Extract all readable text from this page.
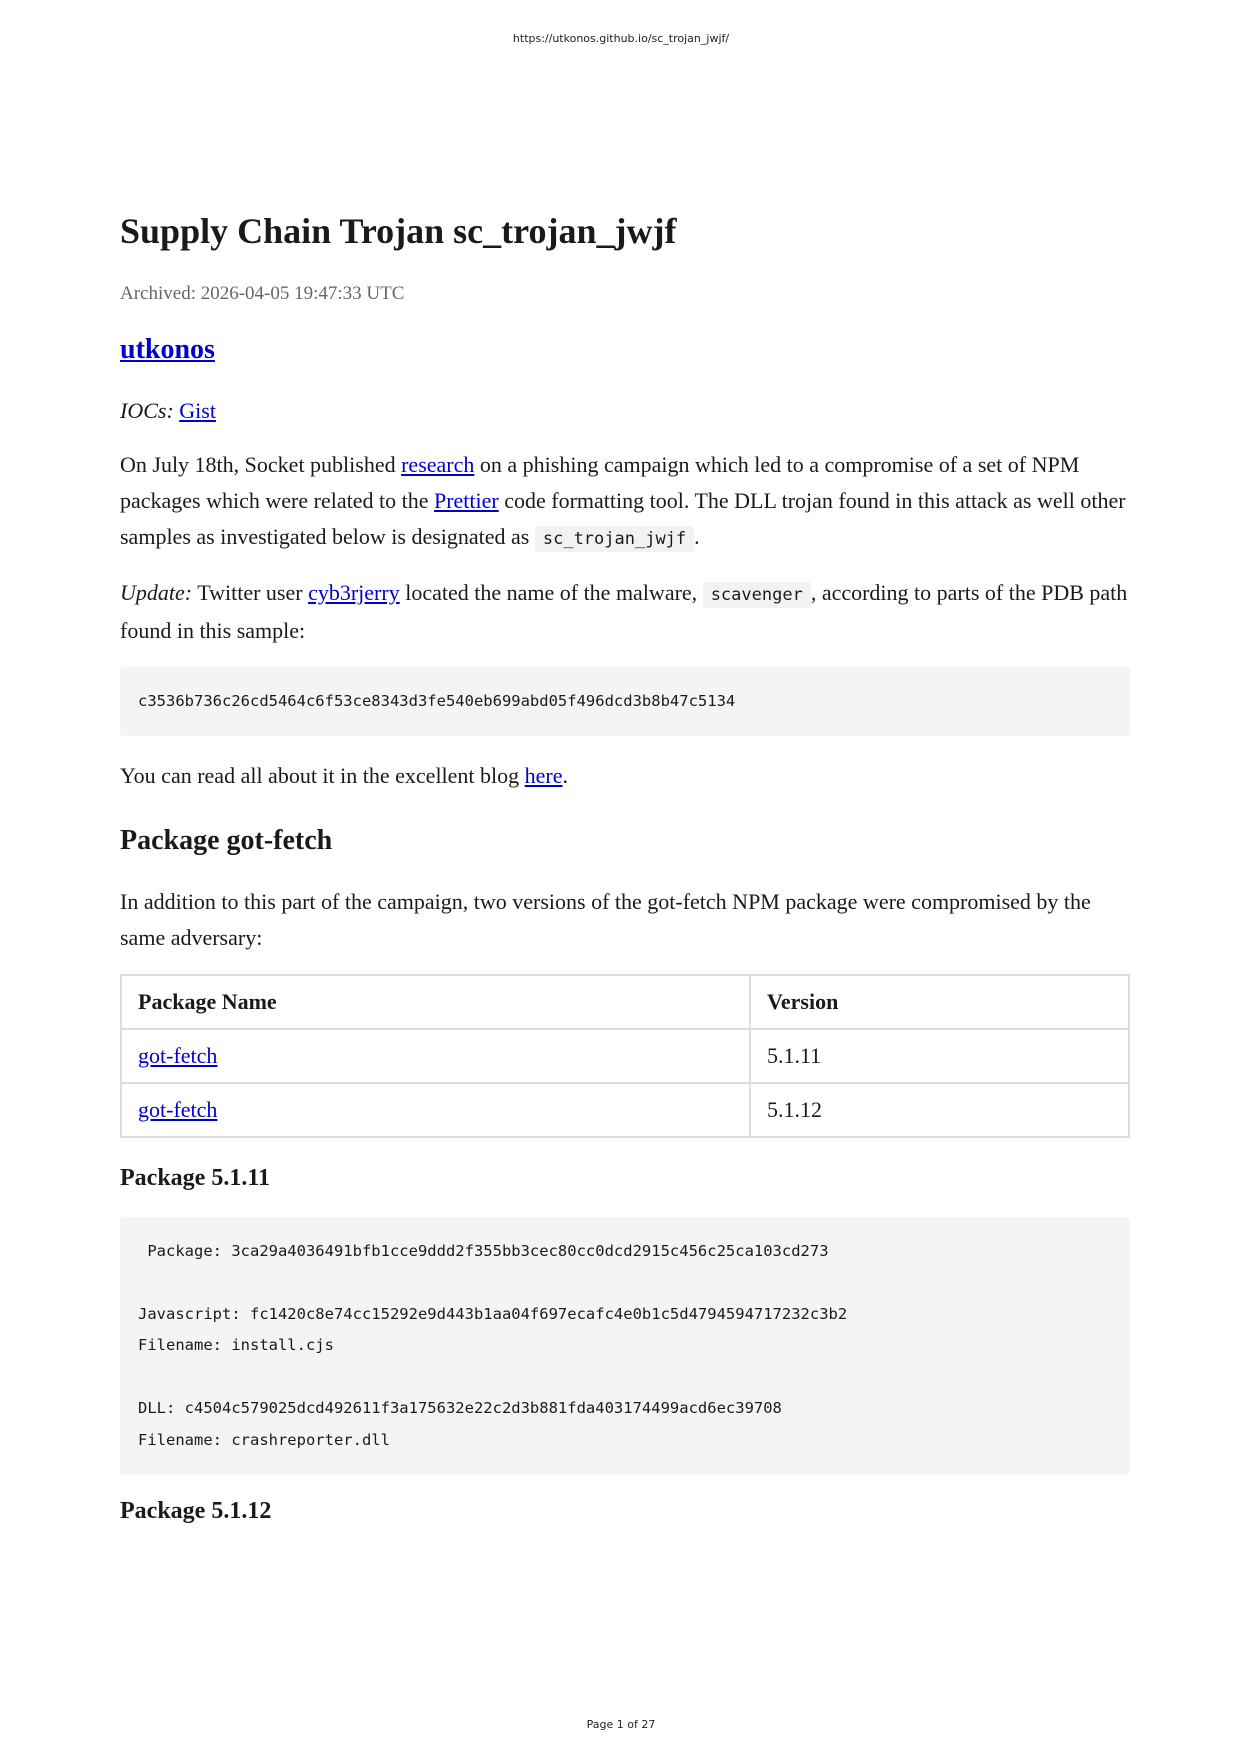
https://utkonos.github.io/sc_trojan_jwjf/
Supply Chain Trojan sc_trojan_jwjf
Archived: 2026-04-05 19:47:33 UTC
utkonos

IOCs: Gist

On July 18th, Socket published research on a phishing campaign which led to a compromise of a set of NPM packages which were related to the Prettier code formatting tool. The DLL trojan found in this attack as well other samples as investigated below is designated as sc_trojan_jwjf .

Update: Twitter user cyb3rjerry located the name of the malware, scavenger , according to parts of the PDB path found in this sample:

c3536b736c26cd5464c6f53ce8343d3fe540eb699abd05f496dcd3b8b47c5134

You can read all about it in the excellent blog here.

Package got-fetch

In addition to this part of the campaign, two versions of the got-fetch NPM package were compromised by the same adversary:

Package Name	Version
got-fetch	5.1.11
got-fetch	5.1.12
Package 5.1.11
Package: 3ca29a4036491bfb1cce9ddd2f355bb3cec80cc0dcd2915c456c25ca103cd273

Javascript: fc1420c8e74cc15292e9d443b1aa04f697ecafc4e0b1c5d4794594717232c3b2
Filename: install.cjs

DLL: c4504c579025dcd492611f3a175632e22c2d3b881fda403174499acd6ec39708
Filename: crashreporter.dll
Package 5.1.12
Page 1 of 27
